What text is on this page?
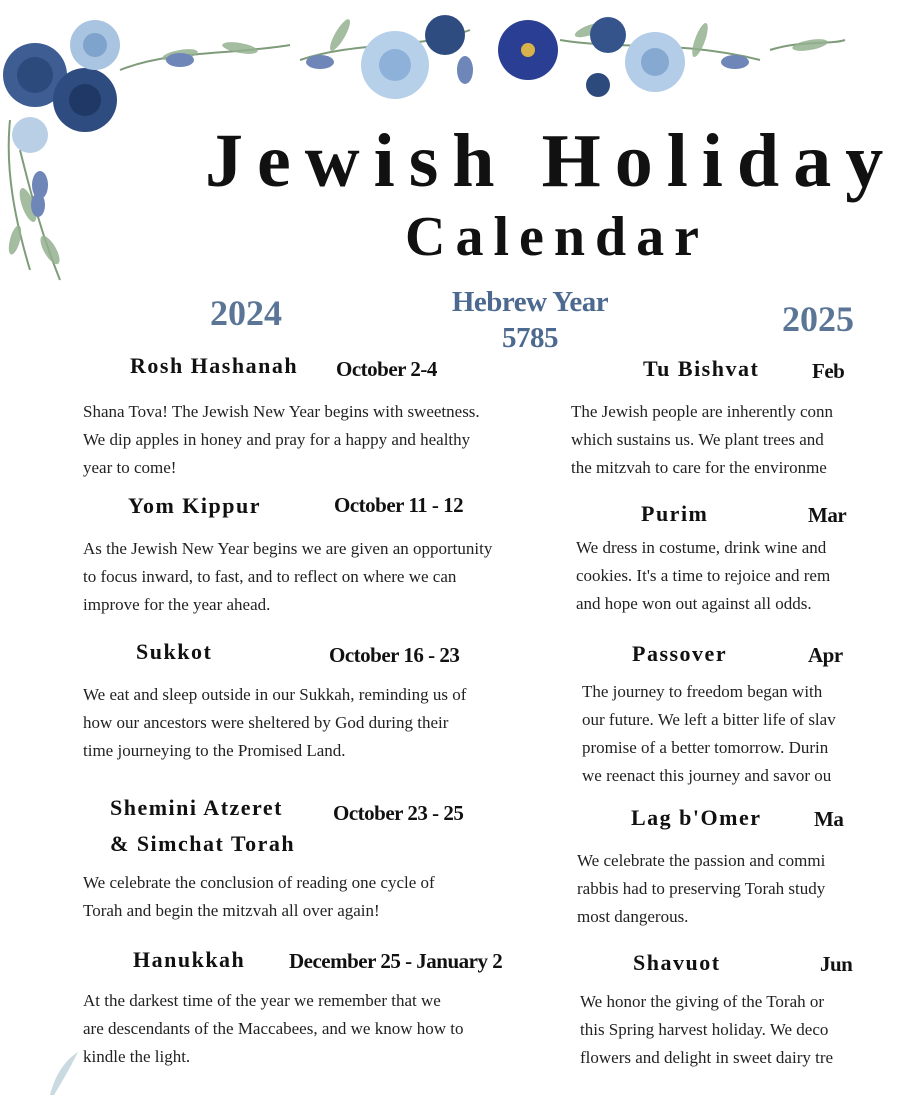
Jewish Holiday
Calendar
2024	2025
Hebrew Year
5785
Rosh Hashanah October 2-4
Shana Tova! The Jewish New Year begins with sweetness.
We dip apples in honey and pray for a happy and healthy
year to come!
Yom Kippur	October 11 - 12
As the Jewish New Year begins we are given an opportunity
to focus inward, to fast, and to reflect on where we can
improve for the year ahead.
Sukkot	October 16 - 23
We eat and sleep outside in our Sukkah, reminding us of
how our ancestors were sheltered by God during their
time journeying to the Promised Land.
Shemini Atzeret
& Simchat Torah
October 23 - 25
We celebrate the conclusion of reading one cycle of
Torah and begin the mitzvah all over again!
Hanukkah December 25 - January 2
At the darkest time of the year we remember that we
are descendants of the Maccabees, and we know how to
kindle the light.
Tu Bishvat	Feb
The Jewish people are inherently conn
which sustains us. We plant trees and
the mitzvah to care for the environme
Purim	Mar
We dress in costume, drink wine and
cookies. It's a time to rejoice and rem
and hope won out against all odds.
Passover	Apr
The journey to freedom began with
our future. We left a bitter life of slav
promise of a better tomorrow. Durin
we reenact this journey and savor ou
Lag b'Omer	Ma
We celebrate the passion and commi
rabbis had to preserving Torah study
most dangerous.
Shavuot	Jun
We honor the giving of the Torah or
this Spring harvest holiday. We deco
flowers and delight in sweet dairy tre
